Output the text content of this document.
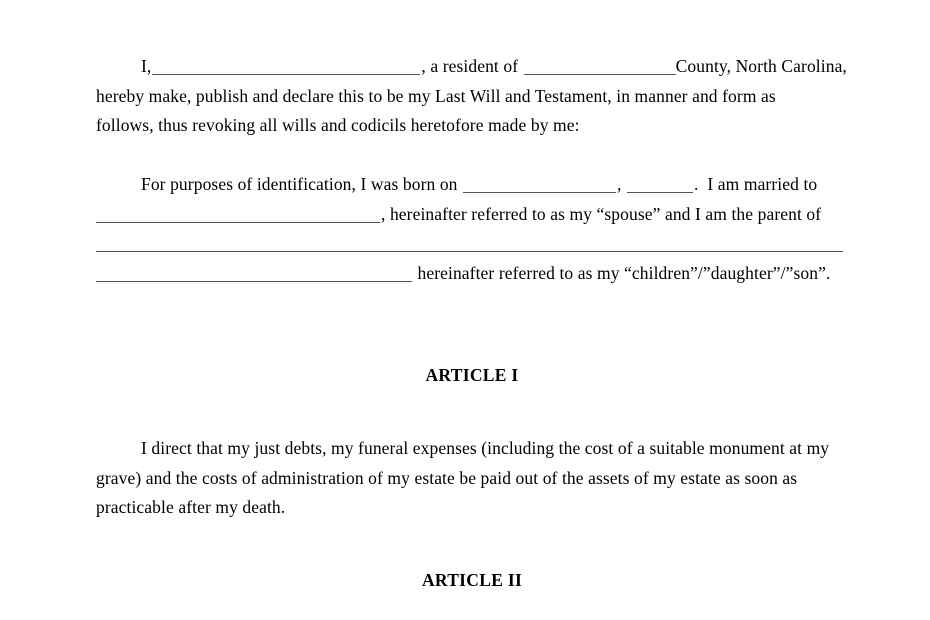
I,	, a resident of	County, North Carolina,

hereby make, publish and declare this to be my Last Will and Testament, in manner and form as

follows, thus revoking all wills and codicils heretofore made by me:

For purposes of identification, I was born on	,	.  I am married to

, hereinafter referred to as my “spouse” and I am the parent of

hereinafter referred to as my “children”/”daughter”/”son”.

ARTICLE I

I direct that my just debts, my funeral expenses (including the cost of a suitable monument at my

grave) and the costs of administration of my estate be paid out of the assets of my estate as soon as

practicable after my death.

ARTICLE II
